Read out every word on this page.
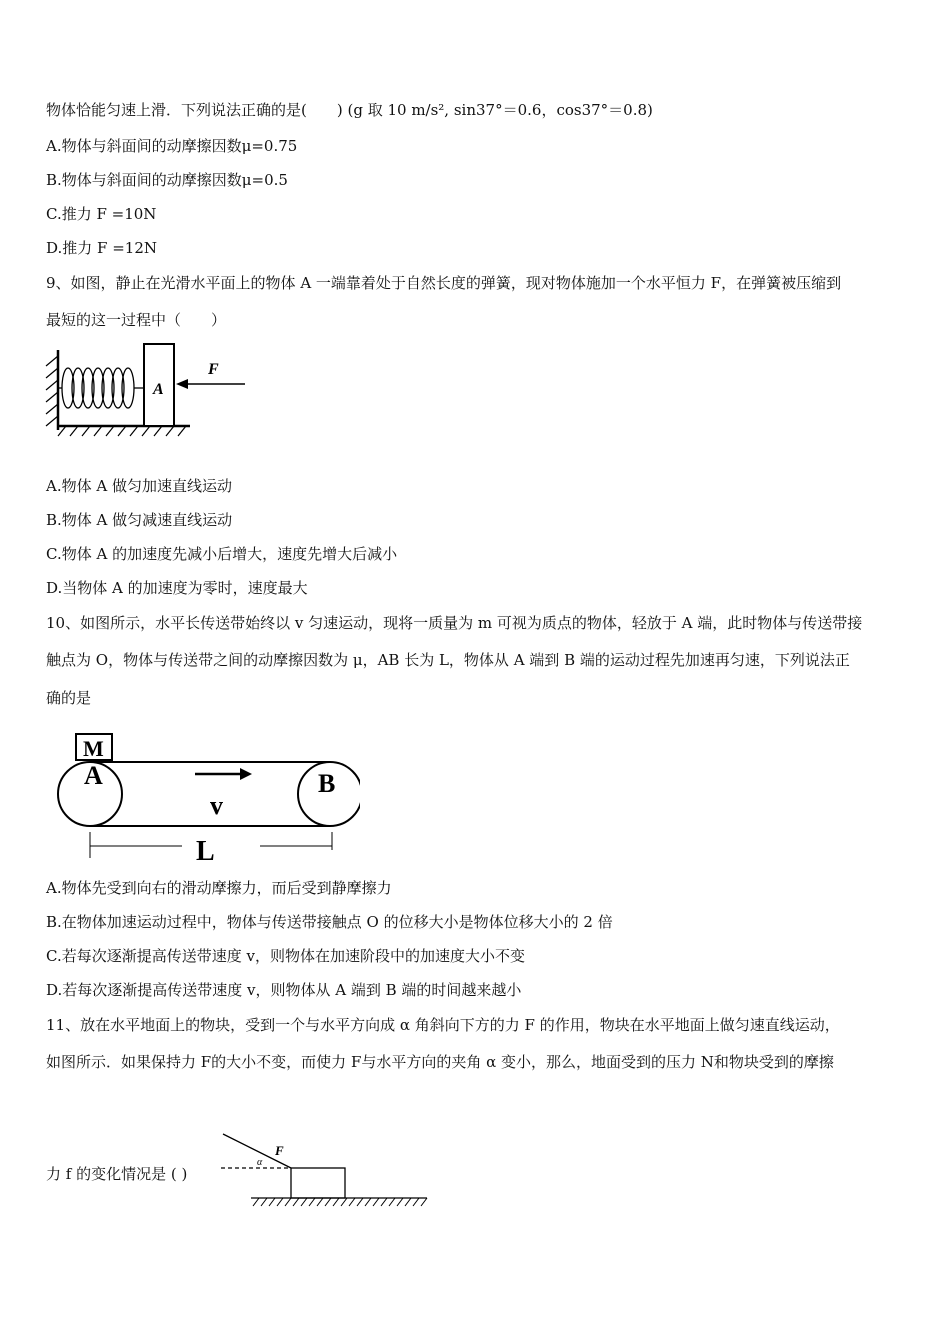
物体恰能匀速上滑．下列说法正确的是(　　) (g 取 10 m/s², sin37°＝0.6，cos37°＝0.8)
A.物体与斜面间的动摩擦因数μ=0.75
B.物体与斜面间的动摩擦因数μ=0.5
C.推力 F =10N
D.推力 F =12N
9、如图，静止在光滑水平面上的物体 A 一端靠着处于自然长度的弹簧，现对物体施加一个水平恒力 F，在弹簧被压缩到
最短的这一过程中（　　）
A
F
A.物体 A 做匀加速直线运动
B.物体 A 做匀减速直线运动
C.物体 A 的加速度先减小后增大，速度先增大后减小
D.当物体 A 的加速度为零时，速度最大
10、如图所示，水平长传送带始终以 v 匀速运动，现将一质量为 m 可视为质点的物体，轻放于 A 端，此时物体与传送带接
触点为 O，物体与传送带之间的动摩擦因数为 μ，AB 长为 L，物体从 A 端到 B 端的运动过程先加速再匀速，下列说法正
确的是
M
A	B
v
L
A.物体先受到向右的滑动摩擦力，而后受到静摩擦力
B.在物体加速运动过程中，物体与传送带接触点 O 的位移大小是物体位移大小的 2 倍
C.若每次逐渐提高传送带速度 v，则物体在加速阶段中的加速度大小不变
D.若每次逐渐提高传送带速度 v，则物体从 A 端到 B 端的时间越来越小
11、放在水平地面上的物块，受到一个与水平方向成 α 角斜向下方的力 F 的作用，物块在水平地面上做匀速直线运动，
如图所示．如果保持力 F的大小不变，而使力 F与水平方向的夹角 α 变小，那么，地面受到的压力 N和物块受到的摩擦
力 f 的变化情况是 ( )
F
α
